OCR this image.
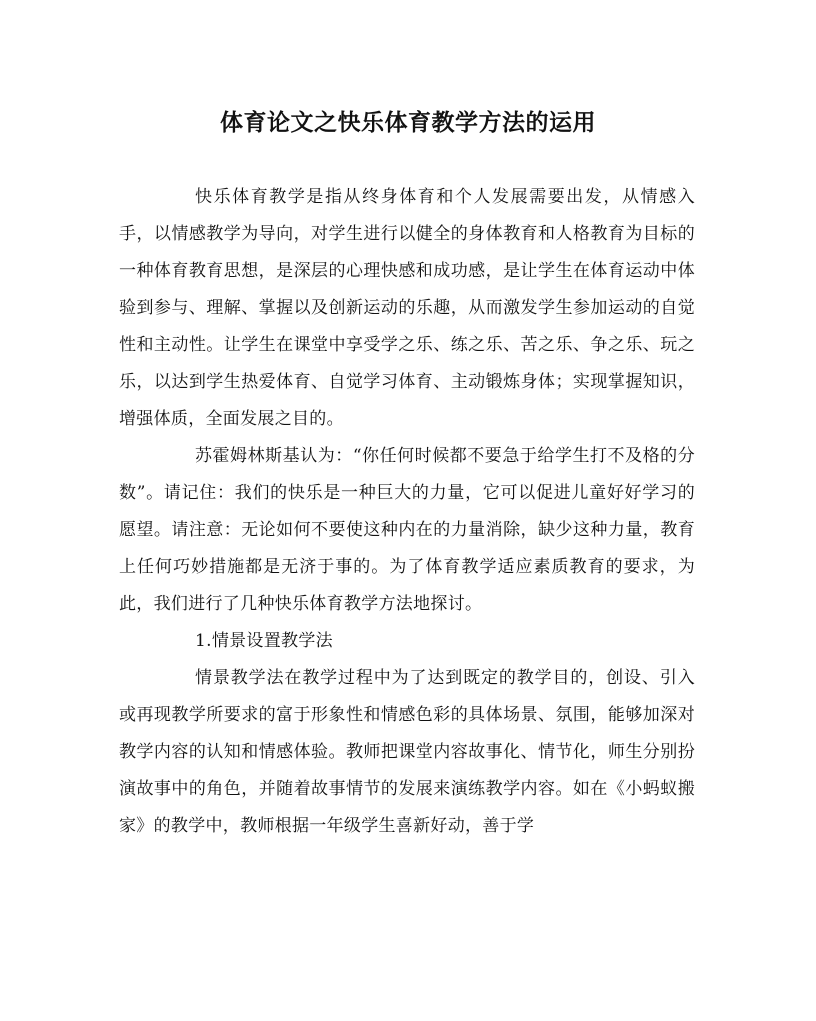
体育论文之快乐体育教学方法的运用

快乐体育教学是指从终身体育和个人发展需要出发，从情感入手，以情感教学为导向，对学生进行以健全的身体教育和人格教育为目标的一种体育教育思想，是深层的心理快感和成功感，是让学生在体育运动中体验到参与、理解、掌握以及创新运动的乐趣，从而激发学生参加运动的自觉性和主动性。让学生在课堂中享受学之乐、练之乐、苦之乐、争之乐、玩之乐，以达到学生热爱体育、自觉学习体育、主动锻炼身体；实现掌握知识，增强体质，全面发展之目的。

苏霍姆林斯基认为：“你任何时候都不要急于给学生打不及格的分数”。请记住：我们的快乐是一种巨大的力量，它可以促进儿童好好学习的愿望。请注意：无论如何不要使这种内在的力量消除，缺少这种力量，教育上任何巧妙措施都是无济于事的。为了体育教学适应素质教育的要求，为此，我们进行了几种快乐体育教学方法地探讨。

1.情景设置教学法

情景教学法在教学过程中为了达到既定的教学目的，创设、引入或再现教学所要求的富于形象性和情感色彩的具体场景、氛围，能够加深对教学内容的认知和情感体验。教师把课堂内容故事化、情节化，师生分别扮演故事中的角色，并随着故事情节的发展来演练教学内容。如在《小蚂蚁搬家》的教学中，教师根据一年级学生喜新好动，善于学
